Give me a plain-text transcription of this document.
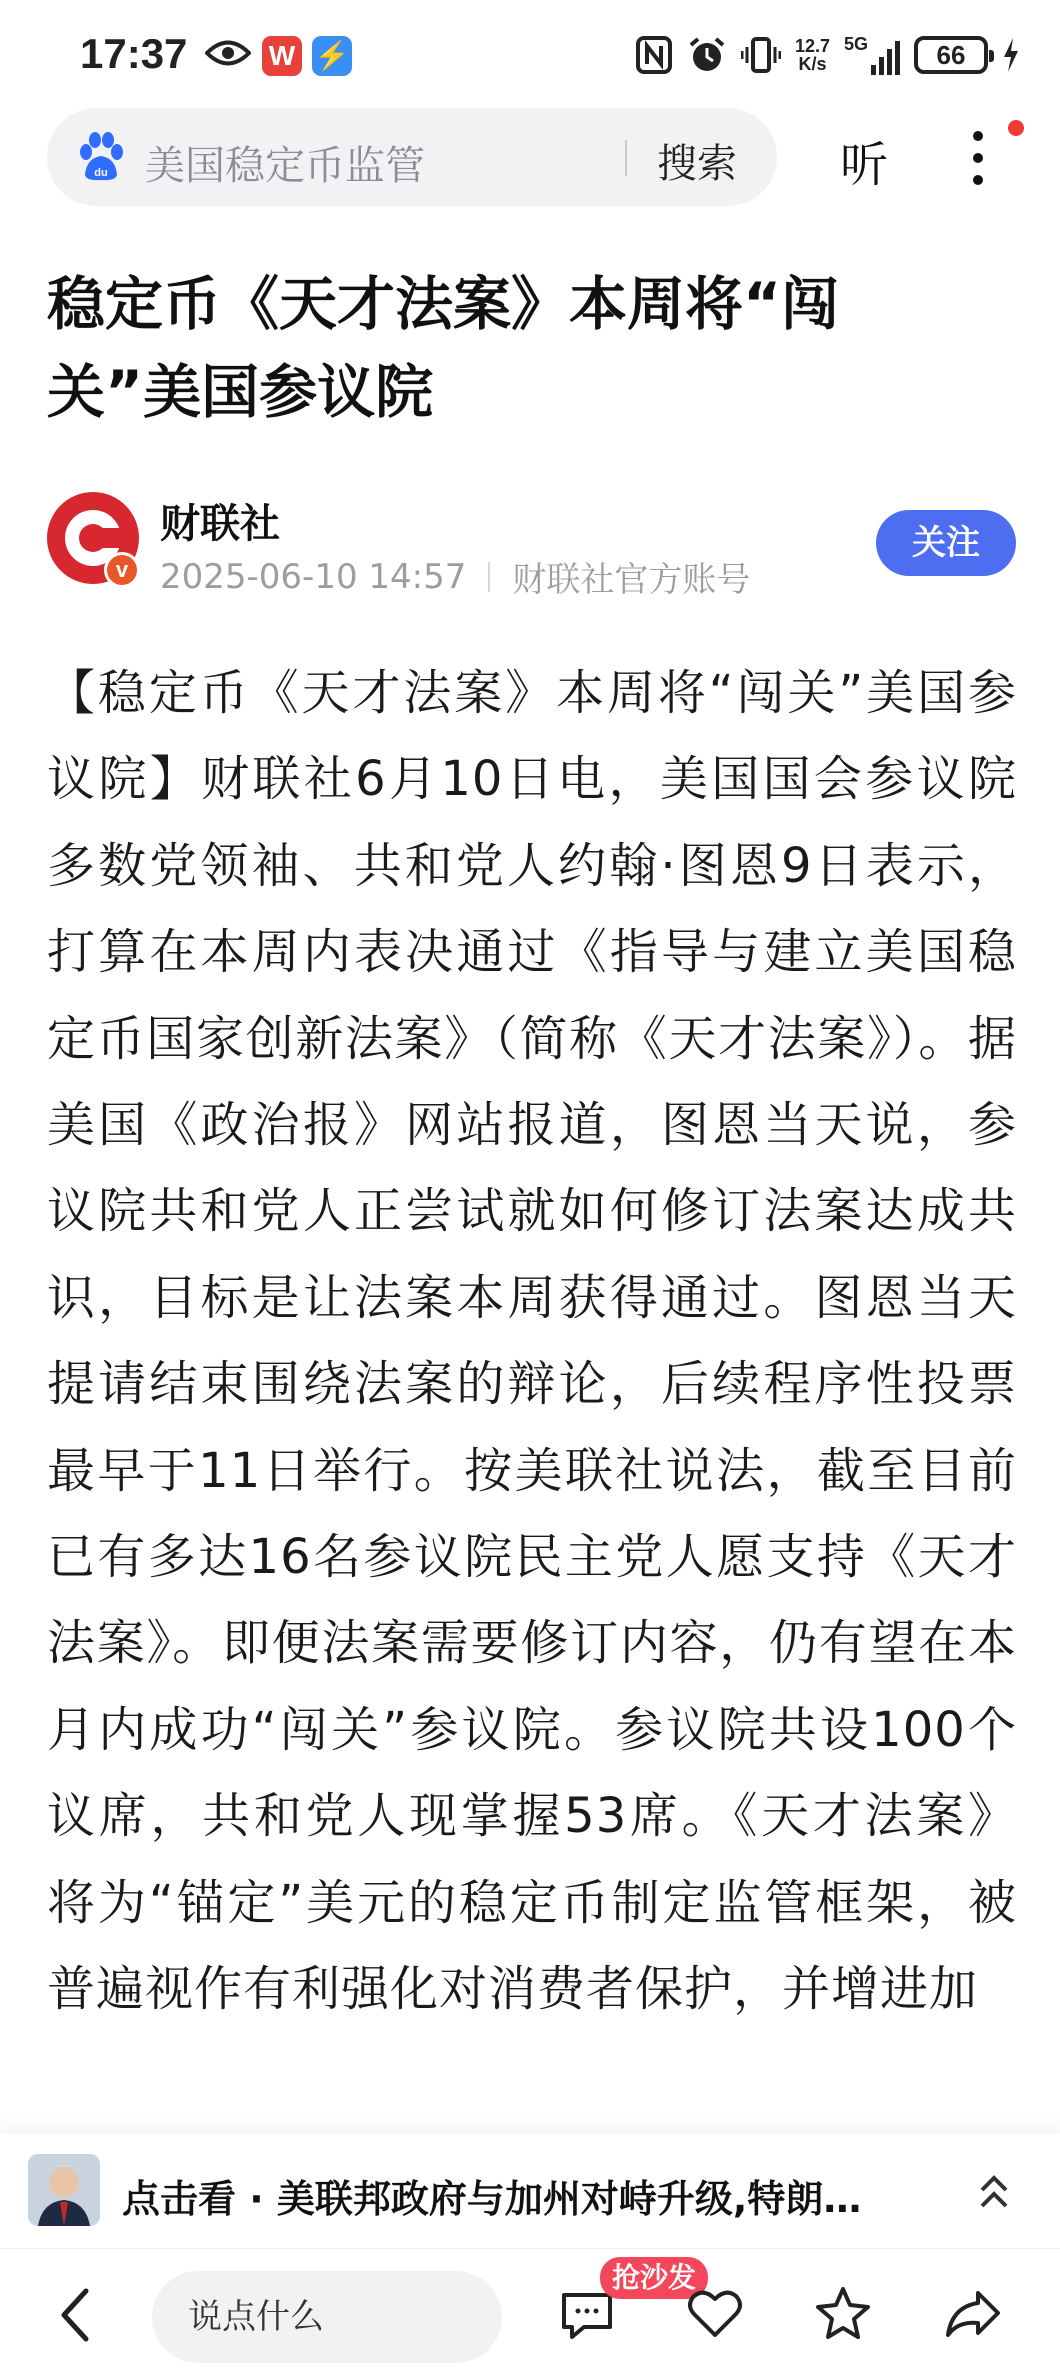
17:37	W ⚡	12.7
K/s
5G	66
du 美国稳定币监管	搜索 听
稳定币《天才法案》本周将“闯关”美国参议院
v
财联社
2025-06-10 14:57 财联社官方账号
关注
【稳定币《天才法案》本周将“闯关”美国参议院】财联社6月10日电，美国国会参议院多数党领袖、共和党人约翰·图恩9日表示，打算在本周内表决通过《指导与建立美国稳定币国家创新法案》（简称《天才法案》）。据美国《政治报》网站报道，图恩当天说，参议院共和党人正尝试就如何修订法案达成共识，目标是让法案本周获得通过。图恩当天提请结束围绕法案的辩论，后续程序性投票最早于11日举行。按美联社说法，截至目前已有多达16名参议院民主党人愿支持《天才法案》。即便法案需要修订内容，仍有望在本月内成功“闯关”参议院。参议院共设100个议席，共和党人现掌握53席。《天才法案》将为“锚定”美元的稳定币制定监管框架，被普遍视作有利强化对消费者保护，并增进加
点击看 · 美联邦政府与加州对峙升级,特朗…
说点什么
抢沙发
